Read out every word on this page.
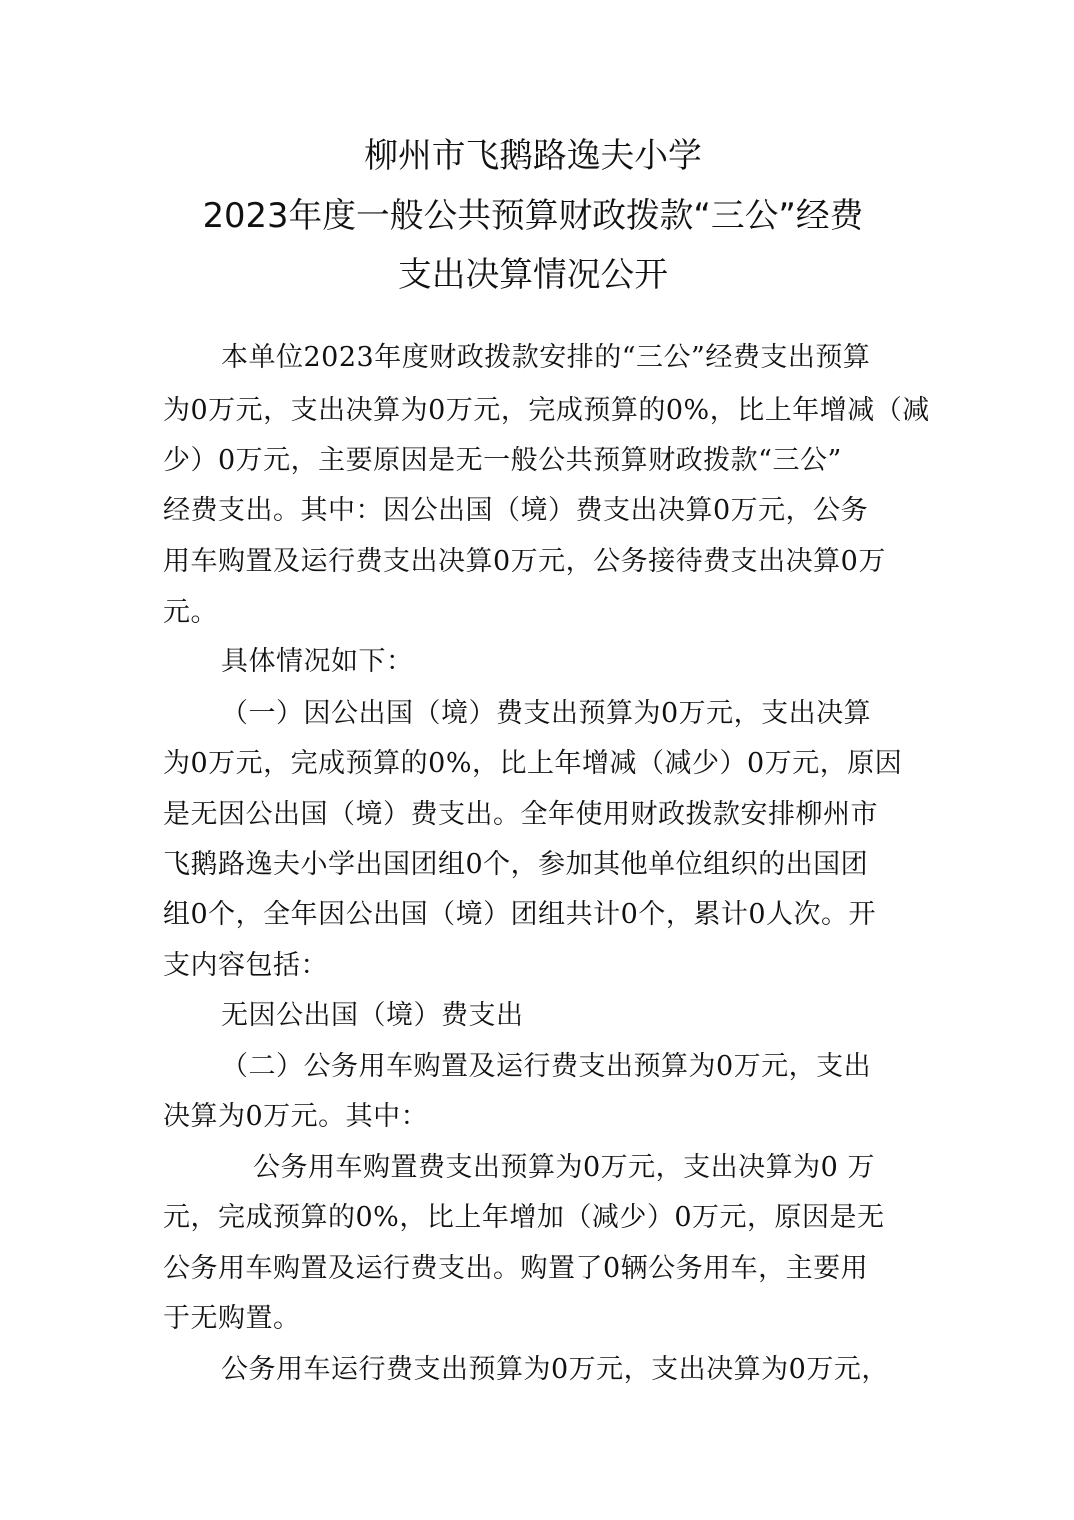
柳州市飞鹅路逸夫小学
2023年度一般公共预算财政拨款“三公”经费
支出决算情况公开
本单位2023年度财政拨款安排的“三公”经费支出预算
为0万元，支出决算为0万元，完成预算的0%，比上年增减（减
少）0万元，主要原因是无一般公共预算财政拨款“三公”
经费支出。其中：因公出国（境）费支出决算0万元，公务
用车购置及运行费支出决算0万元，公务接待费支出决算0万
元。
具体情况如下：
（一）因公出国（境）费支出预算为0万元，支出决算
为0万元，完成预算的0%，比上年增减（减少）0万元，原因
是无因公出国（境）费支出。全年使用财政拨款安排柳州市
飞鹅路逸夫小学出国团组0个，参加其他单位组织的出国团
组0个，全年因公出国（境）团组共计0个，累计0人次。开
支内容包括：
无因公出国（境）费支出
（二）公务用车购置及运行费支出预算为0万元，支出
决算为0万元。其中：
公务用车购置费支出预算为0万元，支出决算为0 万
元，完成预算的0%，比上年增加（减少）0万元，原因是无
公务用车购置及运行费支出。购置了0辆公务用车，主要用
于无购置。
公务用车运行费支出预算为0万元，支出决算为0万元，
